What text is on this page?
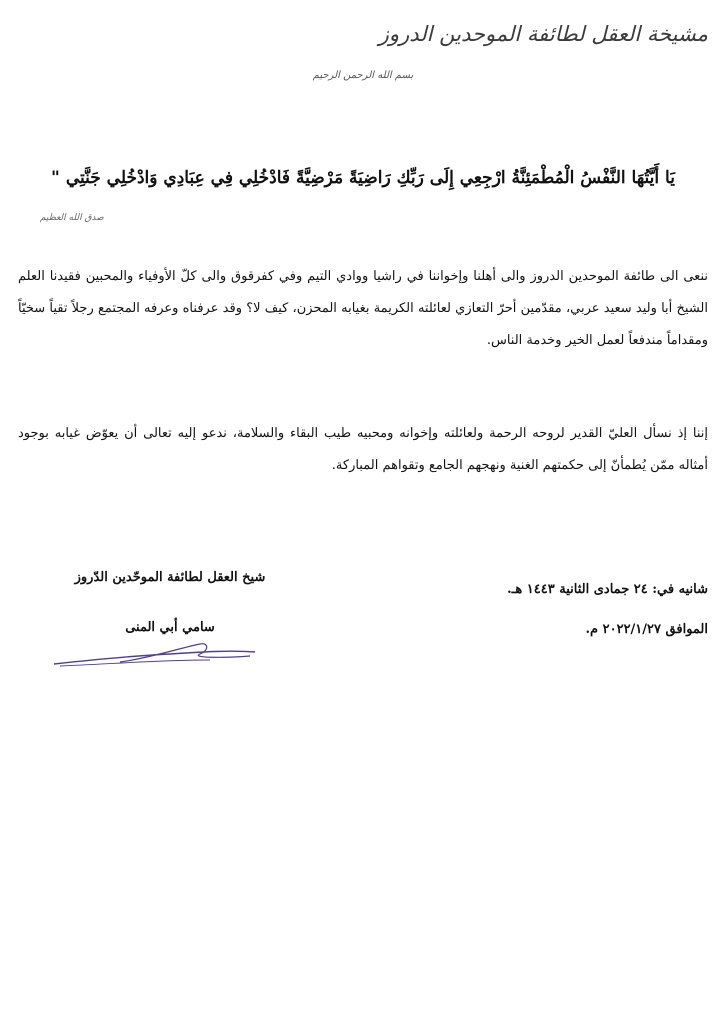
مشيخة العقل لطائفة الموحدين الدروز
بسم الله الرحمن الرحيم
يَا أَيَّتُهَا النَّفْسُ الْمُطْمَئِنَّةُ ارْجِعِي إِلَى رَبِّكِ رَاضِيَةً مَرْضِيَّةً فَادْخُلِي فِي عِبَادِي وَادْخُلِي جَنَّتِي "
صدق الله العظيم

ننعى الى طائفة الموحدين الدروز والى أهلنا وإخواننا في راشيا ووادي التيم وفي كفرقوق والى كلّ الأوفياء والمحبين فقيدنا العلم الشيخ أبا وليد سعيد عربي، مقدّمين أحرّ التعازي لعائلته الكريمة بغيابه المحزن، كيف لا؟ وقد عرفناه وعرفه المجتمع رجلاً تقياً سخيّاً ومقداماً مندفعاً لعمل الخير وخدمة الناس.

إننا إذ نسأل العليّ القدير لروحه الرحمة ولعائلته وإخوانه ومحبيه طيب البقاء والسلامة، ندعو إليه تعالى أن يعوّض غيابه بوجود أمثاله ممّن يُطمأنّ إلى حكمتهم الغنية ونهجهم الجامع وتقواهم المباركة.

شانيه في: ٢٤ جمادى الثانية ١٤٤٣ هـ.
الموافق ٢٠٢٢/١/٢٧ م.
شيخ العقل لطائفة الموحّدين الدّروز
سامي أبي المنى
